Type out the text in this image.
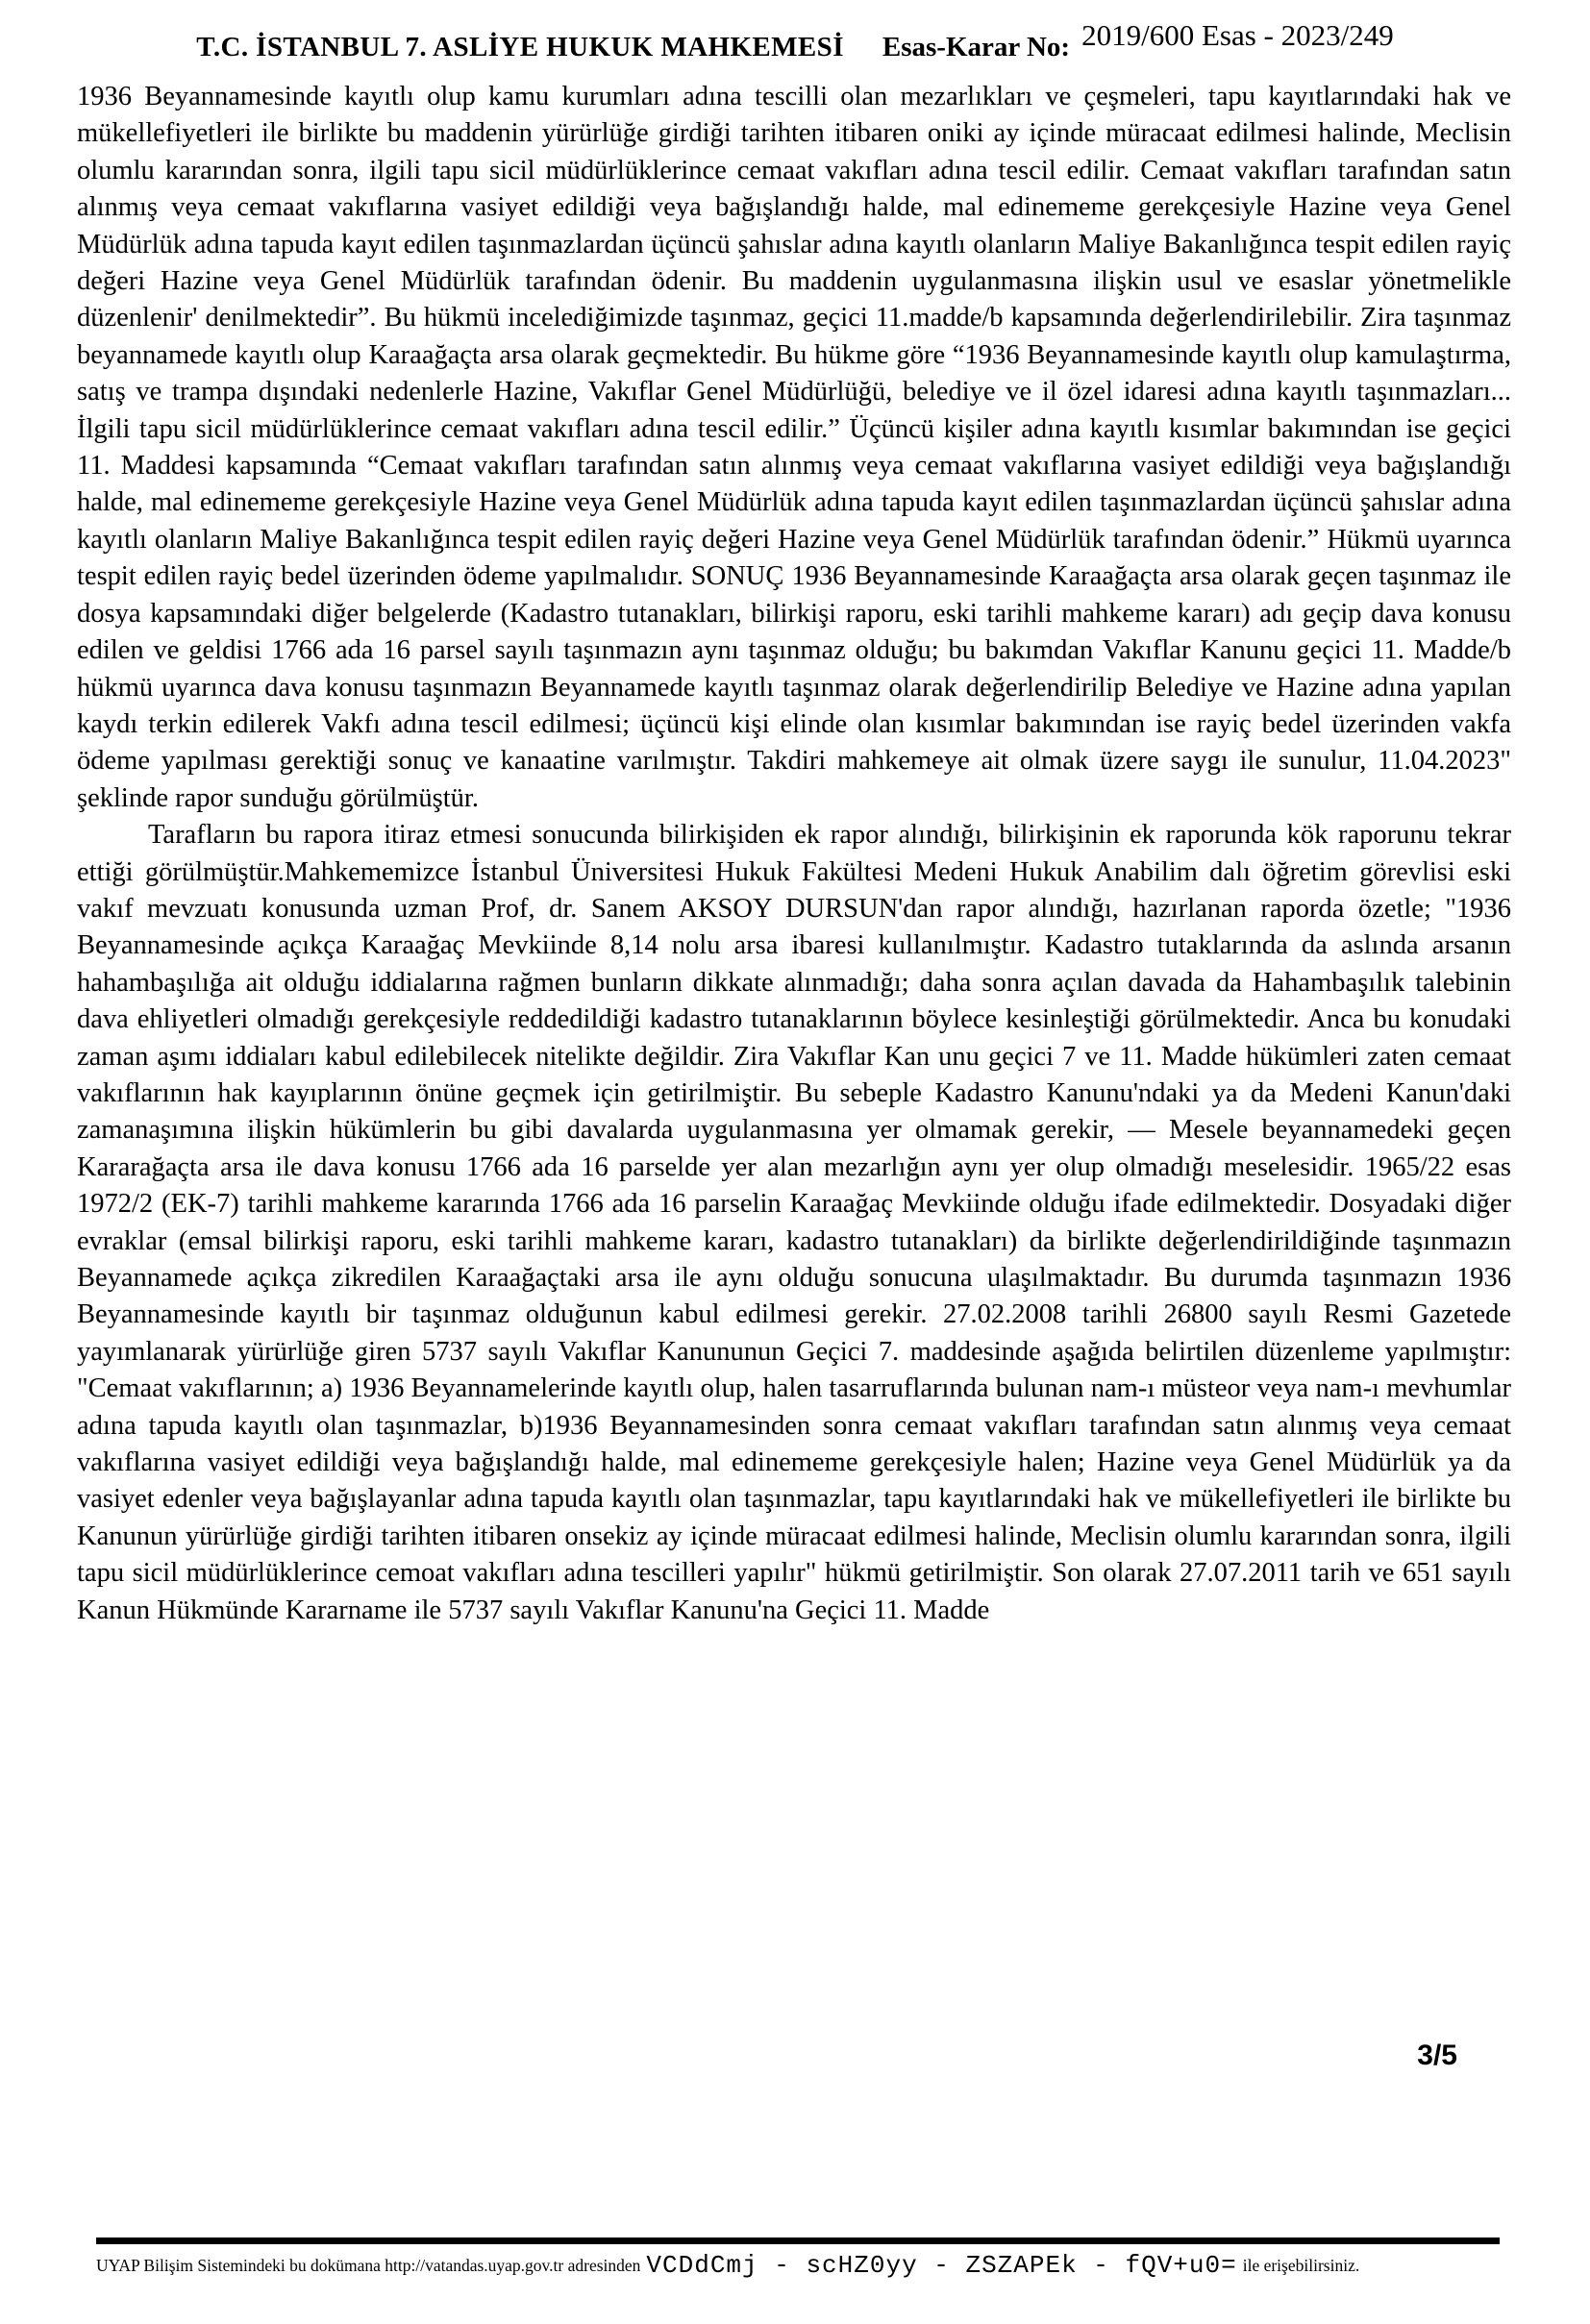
T.C. İSTANBUL 7. ASLİYE HUKUK MAHKEMESİ Esas-Karar No: 2019/600 Esas - 2023/249

1936 Beyannamesinde kayıtlı olup kamu kurumları adına tescilli olan mezarlıkları ve çeşmeleri, tapu kayıtlarındaki hak ve mükellefiyetleri ile birlikte bu maddenin yürürlüğe girdiği tarihten itibaren oniki ay içinde müracaat edilmesi halinde, Meclisin olumlu kararından sonra, ilgili tapu sicil müdürlüklerince cemaat vakıfları adına tescil edilir. Cemaat vakıfları tarafından satın alınmış veya cemaat vakıflarına vasiyet edildiği veya bağışlandığı halde, mal edinememe gerekçesiyle Hazine veya Genel Müdürlük adına tapuda kayıt edilen taşınmazlardan üçüncü şahıslar adına kayıtlı olanların Maliye Bakanlığınca tespit edilen rayiç değeri Hazine veya Genel Müdürlük tarafından ödenir. Bu maddenin uygulanmasına ilişkin usul ve esaslar yönetmelikle düzenlenir' denilmektedir”. Bu hükmü incelediğimizde taşınmaz, geçici 11.madde/b kapsamında değerlendirilebilir. Zira taşınmaz beyannamede kayıtlı olup Karaağaçta arsa olarak geçmektedir. Bu hükme göre “1936 Beyannamesinde kayıtlı olup kamulaştırma, satış ve trampa dışındaki nedenlerle Hazine, Vakıflar Genel Müdürlüğü, belediye ve il özel idaresi adına kayıtlı taşınmazları... İlgili tapu sicil müdürlüklerince cemaat vakıfları adına tescil edilir.” Üçüncü kişiler adına kayıtlı kısımlar bakımından ise geçici 11. Maddesi kapsamında “Cemaat vakıfları tarafından satın alınmış veya cemaat vakıflarına vasiyet edildiği veya bağışlandığı halde, mal edinememe gerekçesiyle Hazine veya Genel Müdürlük adına tapuda kayıt edilen taşınmazlardan üçüncü şahıslar adına kayıtlı olanların Maliye Bakanlığınca tespit edilen rayiç değeri Hazine veya Genel Müdürlük tarafından ödenir.” Hükmü uyarınca tespit edilen rayiç bedel üzerinden ödeme yapılmalıdır. SONUÇ 1936 Beyannamesinde Karaağaçta arsa olarak geçen taşınmaz ile dosya kapsamındaki diğer belgelerde (Kadastro tutanakları, bilirkişi raporu, eski tarihli mahkeme kararı) adı geçip dava konusu edilen ve geldisi 1766 ada 16 parsel sayılı taşınmazın aynı taşınmaz olduğu; bu bakımdan Vakıflar Kanunu geçici 11. Madde/b hükmü uyarınca dava konusu taşınmazın Beyannamede kayıtlı taşınmaz olarak değerlendirilip Belediye ve Hazine adına yapılan kaydı terkin edilerek Vakfı adına tescil edilmesi; üçüncü kişi elinde olan kısımlar bakımından ise rayiç bedel üzerinden vakfa ödeme yapılması gerektiği sonuç ve kanaatine varılmıştır. Takdiri mahkemeye ait olmak üzere saygı ile sunulur, 11.04.2023" şeklinde rapor sunduğu görülmüştür.

Tarafların bu rapora itiraz etmesi sonucunda bilirkişiden ek rapor alındığı, bilirkişinin ek raporunda kök raporunu tekrar ettiği görülmüştür.Mahkememizce İstanbul Üniversitesi Hukuk Fakültesi Medeni Hukuk Anabilim dalı öğretim görevlisi eski vakıf mevzuatı konusunda uzman Prof, dr. Sanem AKSOY DURSUN'dan rapor alındığı, hazırlanan raporda özetle; "1936 Beyannamesinde açıkça Karaağaç Mevkiinde 8,14 nolu arsa ibaresi kullanılmıştır. Kadastro tutaklarında da aslında arsanın hahambaşılığa ait olduğu iddialarına rağmen bunların dikkate alınmadığı; daha sonra açılan davada da Hahambaşılık talebinin dava ehliyetleri olmadığı gerekçesiyle reddedildiği kadastro tutanaklarının böylece kesinleştiği görülmektedir. Anca bu konudaki zaman aşımı iddiaları kabul edilebilecek nitelikte değildir. Zira Vakıflar Kan unu geçici 7 ve 11. Madde hükümleri zaten cemaat vakıflarının hak kayıplarının önüne geçmek için getirilmiştir. Bu sebeple Kadastro Kanunu'ndaki ya da Medeni Kanun'daki zamanaşımına ilişkin hükümlerin bu gibi davalarda uygulanmasına yer olmamak gerekir, — Mesele beyannamedeki geçen Kararağaçta arsa ile dava konusu 1766 ada 16 parselde yer alan mezarlığın aynı yer olup olmadığı meselesidir. 1965/22 esas 1972/2 (EK-7) tarihli mahkeme kararında 1766 ada 16 parselin Karaağaç Mevkiinde olduğu ifade edilmektedir. Dosyadaki diğer evraklar (emsal bilirkişi raporu, eski tarihli mahkeme kararı, kadastro tutanakları) da birlikte değerlendirildiğinde taşınmazın Beyannamede açıkça zikredilen Karaağaçtaki arsa ile aynı olduğu sonucuna ulaşılmaktadır. Bu durumda taşınmazın 1936 Beyannamesinde kayıtlı bir taşınmaz olduğunun kabul edilmesi gerekir. 27.02.2008 tarihli 26800 sayılı Resmi Gazetede yayımlanarak yürürlüğe giren 5737 sayılı Vakıflar Kanununun Geçici 7. maddesinde aşağıda belirtilen düzenleme yapılmıştır: "Cemaat vakıflarının; a) 1936 Beyannamelerinde kayıtlı olup, halen tasarruflarında bulunan nam-ı müsteor veya nam-ı mevhumlar adına tapuda kayıtlı olan taşınmazlar, b)1936 Beyannamesinden sonra cemaat vakıfları tarafından satın alınmış veya cemaat vakıflarına vasiyet edildiği veya bağışlandığı halde, mal edinememe gerekçesiyle halen; Hazine veya Genel Müdürlük ya da vasiyet edenler veya bağışlayanlar adına tapuda kayıtlı olan taşınmazlar, tapu kayıtlarındaki hak ve mükellefiyetleri ile birlikte bu Kanunun yürürlüğe girdiği tarihten itibaren onsekiz ay içinde müracaat edilmesi halinde, Meclisin olumlu kararından sonra, ilgili tapu sicil müdürlüklerince cemoat vakıfları adına tescilleri yapılır" hükmü getirilmiştir. Son olarak 27.07.2011 tarih ve 651 sayılı Kanun Hükmünde Kararname ile 5737 sayılı Vakıflar Kanunu'na Geçici 11. Madde

3/5
UYAP Bilişim Sistemindeki bu dokümana http://vatandas.uyap.gov.tr adresinden VCDdCmj - scHZ0yy - ZSZAPEk - fQV+u0= ile erişebilirsiniz.
